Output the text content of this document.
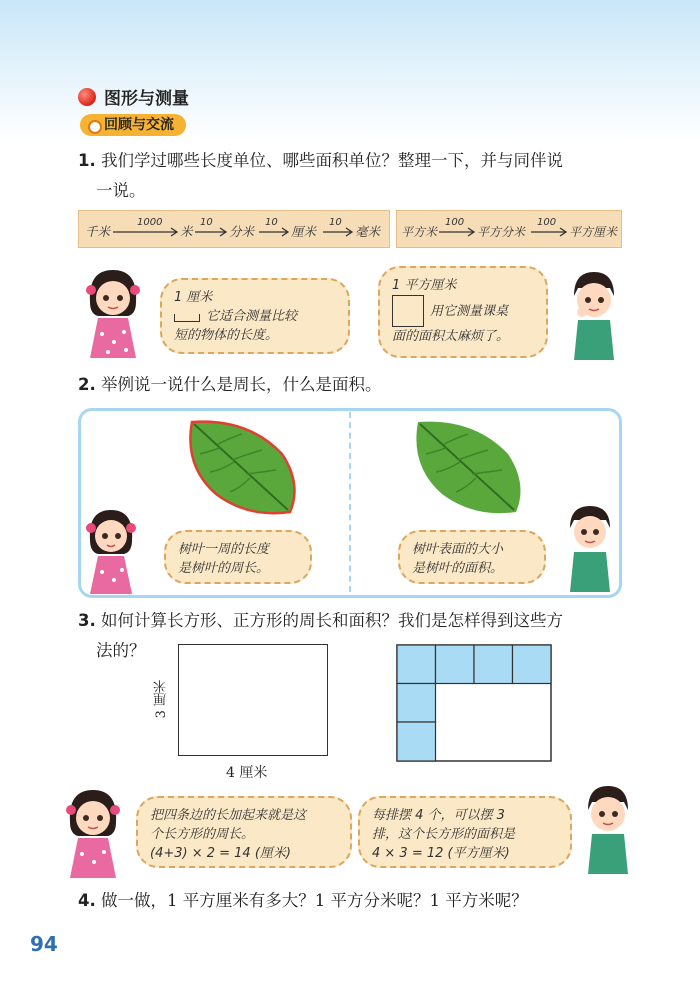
图形与测量
回顾与交流
1. 我们学过哪些长度单位、哪些面积单位？整理一下，并与同伴说
一说。
千米	米	分米	厘米	毫米
1000	10	10	10
平方米	平方分米	平方厘米
100	100
1 厘米
它适合测量比较
短的物体的长度。
1 平方厘米
用它测量课桌
面的面积太麻烦了。
2. 举例说一说什么是周长，什么是面积。
树叶一周的长度
是树叶的周长。
树叶表面的大小
是树叶的面积。
3. 如何计算长方形、正方形的周长和面积？我们是怎样得到这些方
法的？
3 厘米
4 厘米
把四条边的长加起来就是这
个长方形的周长。
(4+3) × 2 = 14 (厘米)
每排摆 4 个，可以摆 3
排，这个长方形的面积是
4 × 3 = 12 (平方厘米)
4. 做一做，1 平方厘米有多大？1 平方分米呢？1 平方米呢？
94
